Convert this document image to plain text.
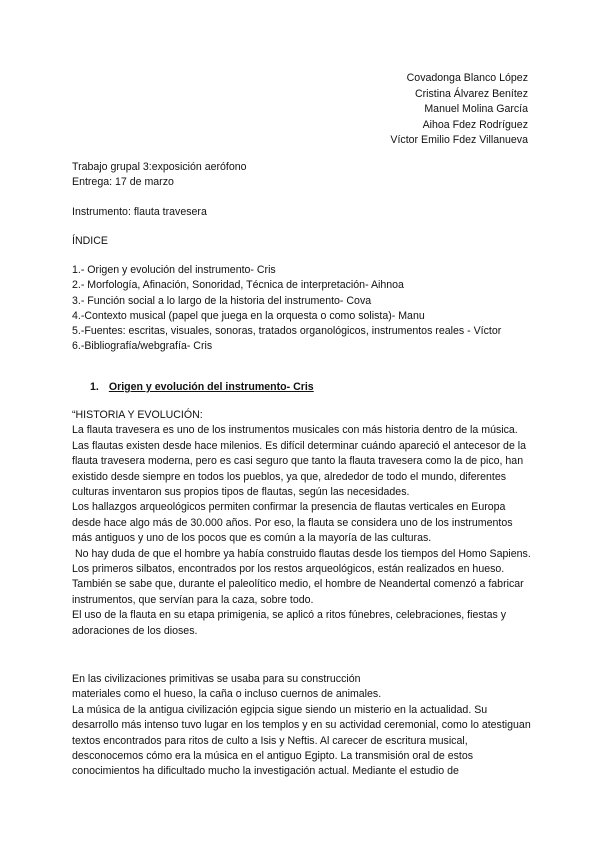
Covadonga Blanco López
Cristina Álvarez Benítez
Manuel Molina García
Aihoa Fdez Rodríguez
Víctor Emilio Fdez Villanueva
Trabajo grupal 3:exposición aerófono
Entrega: 17 de marzo
Instrumento: flauta travesera
ÍNDICE
1.- Origen y evolución del instrumento- Cris
2.- Morfología, Afinación, Sonoridad, Técnica de interpretación- Aihnoa
3.- Función social a lo largo de la historia del instrumento- Cova
4.-Contexto musical (papel que juega en la orquesta o como solista)- Manu
5.-Fuentes: escritas, visuales, sonoras, tratados organológicos, instrumentos reales - Víctor
6.-Bibliografía/webgrafía- Cris
1. Origen y evolución del instrumento- Cris

“HISTORIA Y EVOLUCIÓN:

La flauta travesera es uno de los instrumentos musicales con más historia dentro de la música.

Las flautas existen desde hace milenios. Es difícil determinar cuándo apareció el antecesor de la flauta travesera moderna, pero es casi seguro que tanto la flauta travesera como la de pico, han existido desde siempre en todos los pueblos, ya que, alrededor de todo el mundo, diferentes culturas inventaron sus propios tipos de flautas, según las necesidades.

Los hallazgos arqueológicos permiten confirmar la presencia de flautas verticales en Europa desde hace algo más de 30.000 años. Por eso, la flauta se considera uno de los instrumentos más antiguos y uno de los pocos que es común a la mayoría de las culturas.

No hay duda de que el hombre ya había construido flautas desde los tiempos del Homo Sapiens. Los primeros silbatos, encontrados por los restos arqueológicos, están realizados en hueso. También se sabe que, durante el paleolítico medio, el hombre de Neandertal comenzó a fabricar instrumentos, que servían para la caza, sobre todo.

El uso de la flauta en su etapa primigenia, se aplicó a ritos fúnebres, celebraciones, fiestas y adoraciones de los dioses.

En las civilizaciones primitivas se usaba para su construcción

materiales como el hueso, la caña o incluso cuernos de animales.

La música de la antigua civilización egipcia sigue siendo un misterio en la actualidad. Su desarrollo más intenso tuvo lugar en los templos y en su actividad ceremonial, como lo atestiguan textos encontrados para ritos de culto a Isis y Neftis. Al carecer de escritura musical, desconocemos cómo era la música en el antiguo Egipto. La transmisión oral de estos conocimientos ha dificultado mucho la investigación actual. Mediante el estudio de
